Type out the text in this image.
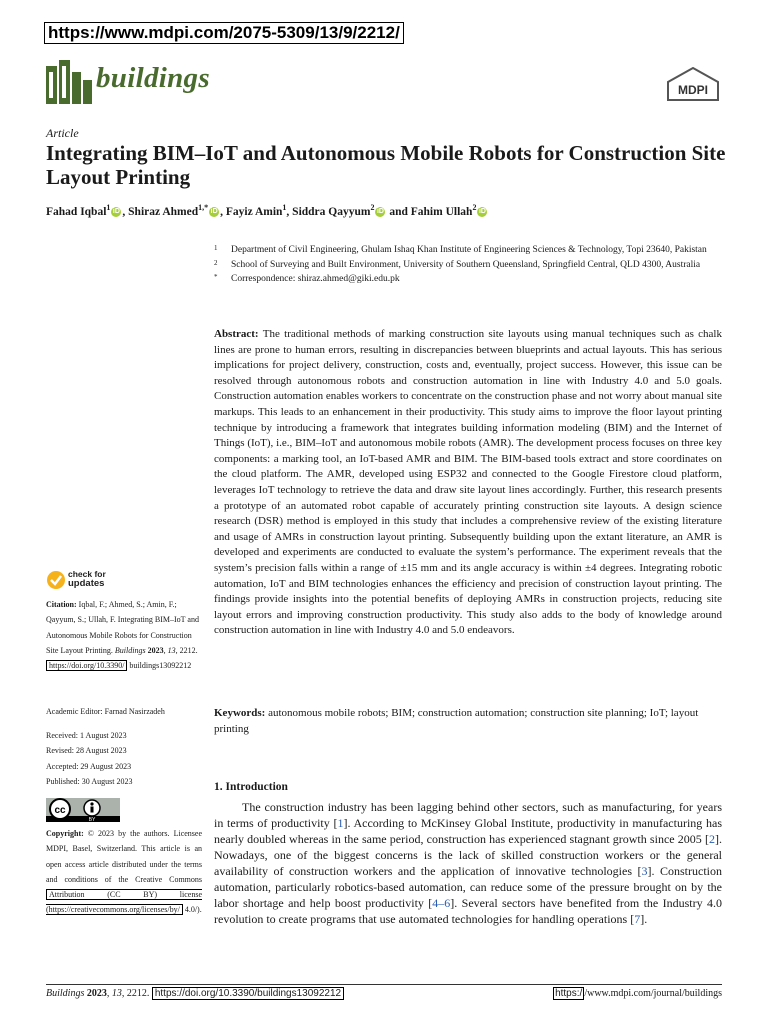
https://www.mdpi.com/2075-5309/13/9/2212/
buildings	MDPI
Article
Integrating BIM–IoT and Autonomous Mobile Robots for Construction Site Layout Printing
Fahad Iqbal$^1$ iD , Shiraz Ahmed$^{1,*}$ iD , Fayiz Amin$^1$, Siddra Qayyum$^2$ iD and Fahim Ullah$^2$ iD
1 Department of Civil Engineering, Ghulam Ishaq Khan Institute of Engineering Sciences & Technology, Topi 23640, Pakistan
2 School of Surveying and Built Environment, University of Southern Queensland, Springfield Central, QLD 4300, Australia
* Correspondence: shiraz.ahmed@giki.edu.pk

Abstract: The traditional methods of marking construction site layouts using manual techniques such as chalk lines are prone to human errors, resulting in discrepancies between blueprints and actual layouts. This has serious implications for project delivery, construction, costs and, eventually, project success. However, this issue can be resolved through autonomous robots and construction automation in line with Industry 4.0 and 5.0 goals. Construction automation enables workers to concentrate on the construction phase and not worry about manual site markups. This leads to an enhancement in their productivity. This study aims to improve the floor layout printing technique by introducing a framework that integrates building information modeling (BIM) and the Internet of Things (IoT), i.e., BIM–IoT and autonomous mobile robots (AMR). The development process focuses on three key components: a marking tool, an IoT-based AMR and BIM. The BIM-based tools extract and store coordinates on the cloud platform. The AMR, developed using ESP32 and connected to the Google Firestore cloud platform, leverages IoT technology to retrieve the data and draw site layout lines accordingly. Further, this research presents a prototype of an automated robot capable of accurately printing construction site layouts. A design science research (DSR) method is employed in this study that includes a comprehensive review of the existing literature and usage of AMRs in construction layout printing. Subsequently building upon the extant literature, an AMR is developed and experiments are conducted to evaluate the system’s performance. The experiment reveals that the system’s precision falls within a range of ±15 mm and its angle accuracy is within ±4 degrees. Integrating robotic automation, IoT and BIM technologies enhances the efficiency and precision of construction layout printing. The findings provide insights into the potential benefits of deploying AMRs in construction projects, reducing site layout errors and improving construction productivity. This study also adds to the body of knowledge around construction automation in line with Industry 4.0 and 5.0 endeavors.

Keywords: autonomous mobile robots; BIM; construction automation; construction site planning; IoT; layout printing
check for
updates
Citation: Iqbal, F.; Ahmed, S.; Amin, F.; Qayyum, S.; Ullah, F. Integrating BIM–IoT and Autonomous Mobile Robots for Construction Site Layout Printing. Buildings 2023, 13, 2212. https://doi.org/10.3390/ buildings13092212
Academic Editor: Farnad Nasirzadeh
Received: 1 August 2023
Revised: 28 August 2023
Accepted: 29 August 2023
Published: 30 August 2023
cc
BY
Copyright: © 2023 by the authors. Licensee MDPI, Basel, Switzerland. This article is an open access article distributed under the terms and conditions of the Creative Commons Attribution (CC BY) license (https://creativecommons.org/licenses/by/ 4.0/).
1. Introduction

The construction industry has been lagging behind other sectors, such as manufacturing, for years in terms of productivity [1]. According to McKinsey Global Institute, productivity in manufacturing has nearly doubled whereas in the same period, construction has experienced stagnant growth since 2005 [2]. Nowadays, one of the biggest concerns is the lack of skilled construction workers or the general availability of construction workers and the application of innovative technologies [3]. Construction automation, particularly robotics-based automation, can reduce some of the pressure brought on by the labor shortage and help boost productivity [4–6]. Several sectors have benefited from the Industry 4.0 revolution to create programs that use automated technologies for handling operations [7].

Buildings 2023, 13, 2212. https://doi.org/10.3390/buildings13092212	https:/ /www.mdpi.com/journal/buildings
